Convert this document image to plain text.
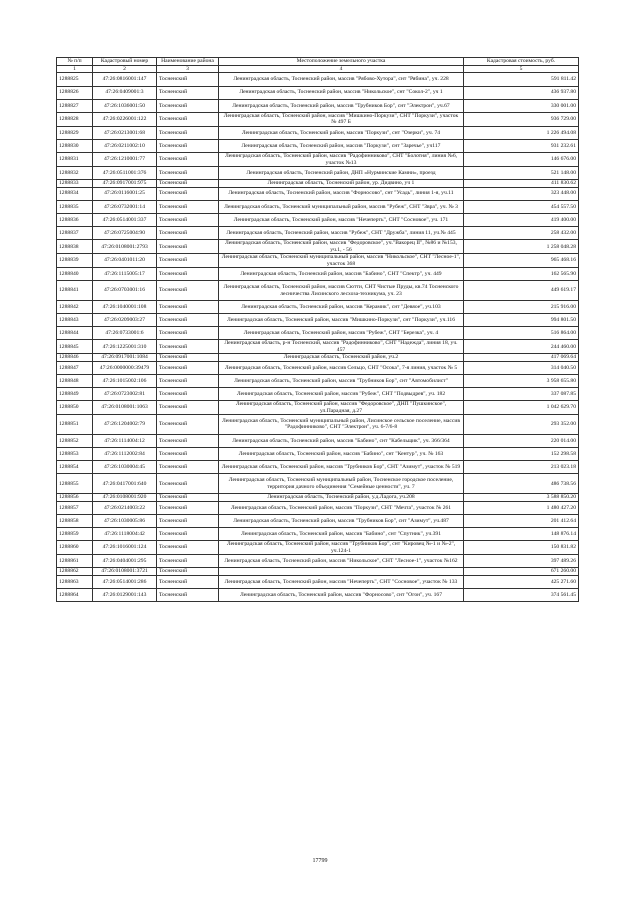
№ п/п	Кадастровый номер	Наименование района	Местоположение земельного участка	Кадастровая стоимость, руб.
1	2	3	4	5
1288825	47:26:0816001:147	Тосненский	Ленинградская область, Тосненский район, массив "Рябово-Хутора", снт "Рябина", уч. 228	591 811.42
1288826	47:26:0409001:3	Тосненский	Ленинградская область, Тосненский район, массив "Никольское", снт "Сокол-2", уч 1	436 937.80
1288827	47:26:1036001:50	Тосненский	Ленинградская область, Тосненский район, массив "Трубников Бор", снт "Электрон", уч.67	330 001.00
1288828	47:26:0226001:122	Тосненский	Ленинградская область, Тосненский район, массив "Мишкино-Поркузи", СНТ "Поркузи", участок № 497 Б	936 729.00
1288829	47:26:0213001:68	Тосненский	Ленинградская область, Тосненский район, массив "Поркузи", снт "Озерки", уч. 74	1 226 494.08
1288830	47:26:0211002:10	Тосненский	Ленинградская область, Тосненский район, массив "Поркузи", снт "Заречье", уч117	931 232.61
1288831	47:26:1210001:77	Тосненский	Ленинградская область, Тосненский район, массив "Радофинниково", СНТ "Болотня", линия №6, участок №13	146 676.00
1288832	47:26:0511001:376	Тосненский	Ленинградская область, Тосненский район, ДНП «Нурминские Камни», проезд	521 148.00
1288833	47:26:0917001:975	Тосненский	Ленинградская область, Тосненский район, ур. Дидвино, уч 1	411 830.62
1288834	47:26:0116001:25	Тосненский	Ленинградская область, Тосненский район, массив "Форносово", снт "Усадь", линия 1-я, уч.11	323 448.00
1288835	47:26:0732001:14	Тосненский	Ленинградская область, Тосненский муниципальный район, массив "Рубеж", СНТ "Звра", уч. № 3	454 557.50
1288836	47:26:0514001:337	Тосненский	Ленинградская область, Тосненский район, массив "Нечеперть", СНТ "Сосновое", уч. 171	419 400.00
1288837	47:26:0725004:90	Тосненский	Ленинградская область, Тосненский район, массив "Рубеж", СНТ "Дружба", линия 11, уч.№ 445	258 432.00
1288838	47:26:0108001:2793	Тосненский	Ленинградская область, Тосненский район, массив "Федоровское", уч."Вакорец II", №86 и №153, уч.1, - 56	1 258 048.28
1288839	47:26:0401011:20	Тосненский	Ленинградская область, Тосненский муниципальный район, массив "Никольское", СНТ "Лесное-1", участок 368	965 468.16
1288840	47:26:1115005:17	Тосненский	Ленинградская область, Тосненский район, массив "Бабино", СНТ "Спектр", уч. 449	162 565.90
1288841	47:26:0703001:16	Тосненский	Ленинградская область, Тосненский район, массив Сютти, СНТ Чистые Пруды, кв.74 Тосненского лесничества Лисинского лесхоза-техникума, уч. 23	449 619.17
1288842	47:26:1040001:108	Тосненский	Ленинградская область, Тосненский район, массив "Керамик", снт "Девяое", уч.103	215 916.00
1288843	47:26:0209003:27	Тосненский	Ленинградская область, Тосненский район, массив "Мишкино-Поркузи", снт "Поркузи", уч.116	994 801.50
1288844	47:26:0733001:6	Тосненский	Ленинградская область, Тосненский район, массив "Рубеж", СНТ "Березка", уч. 4	516 864.00
1288845	47:26:1225001:310	Тосненский	Ленинградская область, р-н Тосненский, массив "Радофинниково", СНТ "Надежда", линия 18, уч. 457	244 460.00
1288846	47:26:0917001:1084	Тосненский	Ленинградская область, Тосненский район, уч.2	417 069.64
1288847	47:26:0000000:39479	Тосненский	Ленинградская область, Тосненский район, массив Сельцо, СНТ "Осока", 7-я линия, участок № 5	314 040.50
1288848	47:26:1015002:106	Тосненский	Ленинградская область, Тосненский район, массив "Трубников Бор", снт "Автомобилист"	3 958 655.80
1288849	47:26:0723002:81	Тосненский	Ленинградская область, Тосненский район, массив "Рубеж", СНТ "Подвыдрев", уч. 182	337 087.85
1288850	47:26:0108001:1063	Тосненский	Ленинградская область, Тосненский район, массив "Федоровское", ДНП "Пушкинское", ул.Парадная, д.27	1 042 629.70
1288851	47:26:1204002:79	Тосненский	Ленинградская область, Тосненский муниципальный район, Лисинское сельское поселение, массив "Радофинниково", СНТ "Электрон", уч. 6-7/6-8	293 352.00
1288852	47:26:1114004:12	Тосненский	Ленинградская область, Тосненский район, массив "Бабино", снт "Кабельщик", уч. 366/364	220 014.00
1288853	47:26:1112002:84	Тосненский	Ленинградская область, Тосненский район, массив "Бабино", снт "Кентур", уч. № 163	152 298.58
1288854	47:26:1030004:45	Тосненский	Ленинградская область, Тосненский район, массив "Трубников Бор", СНТ "Азимут", участок № 519	213 023.18
1288855	47:26:0417001:640	Тосненский	Ленинградская область, Тосненский муниципальный район, Тосненское городское поселение, территория дачного объединения "Семейные ценности", уч. 7	486 738.56
1288856	47:26:0108001:920	Тосненский	Ленинградская область, Тосненский район, у.д.Ладога, уч.208	3 588 850.20
1288857	47:26:0214003:22	Тосненский	Ленинградская область, Тосненский район, массив "Поркузи", СНТ "Мечта", участок № 261	1 480 427.20
1288858	47:26:1030005:86	Тосненский	Ленинградская область, Тосненский район, массив "Трубников Бор", снт "Азимут", уч.487	201 412.64
1288859	47:26:1118004:42	Тосненский	Ленинградская область, Тосненский район, массив "Бабино", снт "Спутник", уч.391	148 876.14
1288860	47:26:1016001:124	Тосненский	Ленинградская область, Тосненский район, массив "Трубников Бор", снт "Кировец №-1 и №-2", уч.124-1	150 831.82
1288861	47:26:0404001:295	Тосненский	Ленинградская область, Тосненский район, массив "Никольское", СНТ "Лесное-1", участок №162	397 489.26
1288862	47:26:0108001:3721	Тосненский		671 260.00
1288863	47:26:0514001:286	Тосненский	Ленинградская область, Тосненский район, массив "Нечеперть", СНТ "Сосновое", участок № 133	425 271.60
1288864	47:26:0129001:143	Тосненский	Ленинградская область, Тосненский район, массив "Форносово", снт "Огон", уч. 167	374 561.45
17799
